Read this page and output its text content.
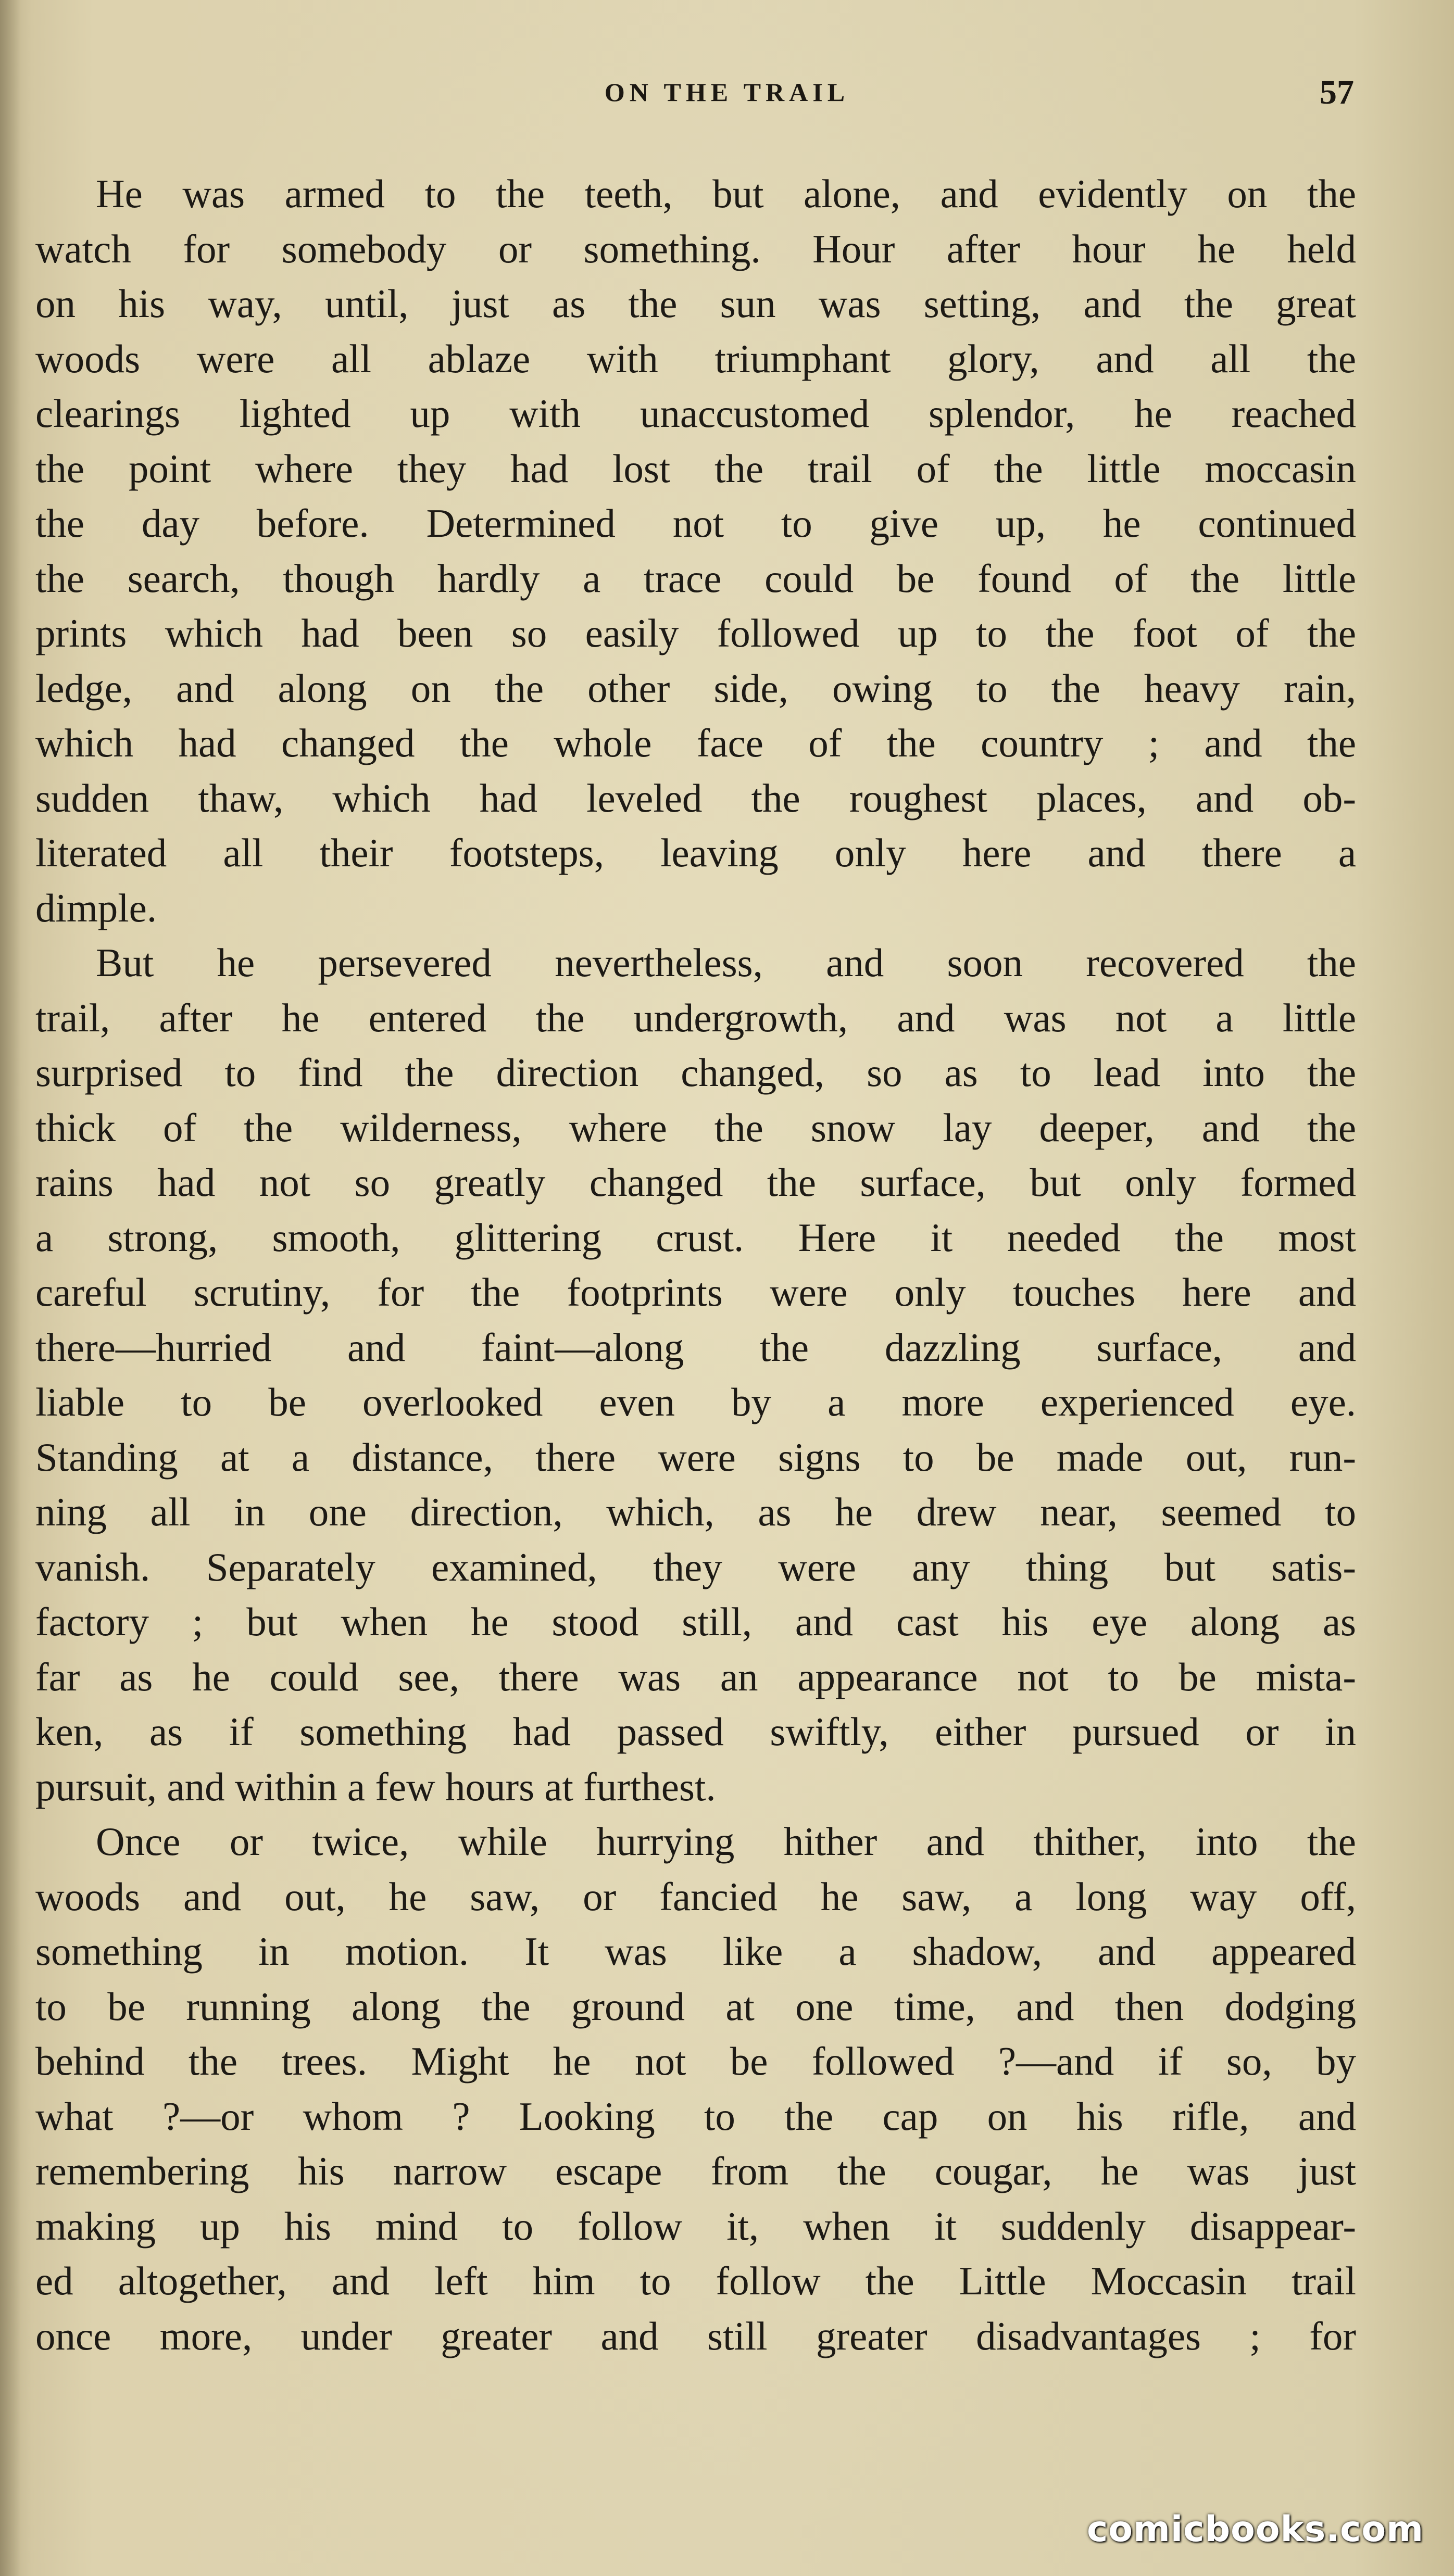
ON THE TRAIL	57
He was armed to the teeth, but alone, and evidently on the
watch for somebody or something. Hour after hour he held
on his way, until, just as the sun was setting, and the great
woods were all ablaze with triumphant glory, and all the
clearings lighted up with unaccustomed splendor, he reached
the point where they had lost the trail of the little moccasin
the day before. Determined not to give up, he continued
the search, though hardly a trace could be found of the little
prints which had been so easily followed up to the foot of the
ledge, and along on the other side, owing to the heavy rain,
which had changed the whole face of the country ; and the
sudden thaw, which had leveled the roughest places, and ob-
literated all their footsteps, leaving only here and there a
dimple.
But he persevered nevertheless, and soon recovered the
trail, after he entered the undergrowth, and was not a little
surprised to find the direction changed, so as to lead into the
thick of the wilderness, where the snow lay deeper, and the
rains had not so greatly changed the surface, but only formed
a strong, smooth, glittering crust. Here it needed the most
careful scrutiny, for the footprints were only touches here and
there—hurried and faint—along the dazzling surface, and
liable to be overlooked even by a more experienced eye.
Standing at a distance, there were signs to be made out, run-
ning all in one direction, which, as he drew near, seemed to
vanish. Separately examined, they were any thing but satis-
factory ; but when he stood still, and cast his eye along as
far as he could see, there was an appearance not to be mista-
ken, as if something had passed swiftly, either pursued or in
pursuit, and within a few hours at furthest.
Once or twice, while hurrying hither and thither, into the
woods and out, he saw, or fancied he saw, a long way off,
something in motion. It was like a shadow, and appeared
to be running along the ground at one time, and then dodging
behind the trees. Might he not be followed ?—and if so, by
what ?—or whom ? Looking to the cap on his rifle, and
remembering his narrow escape from the cougar, he was just
making up his mind to follow it, when it suddenly disappear-
ed altogether, and left him to follow the Little Moccasin trail
once more, under greater and still greater disadvantages ; for
comicbooks.com
